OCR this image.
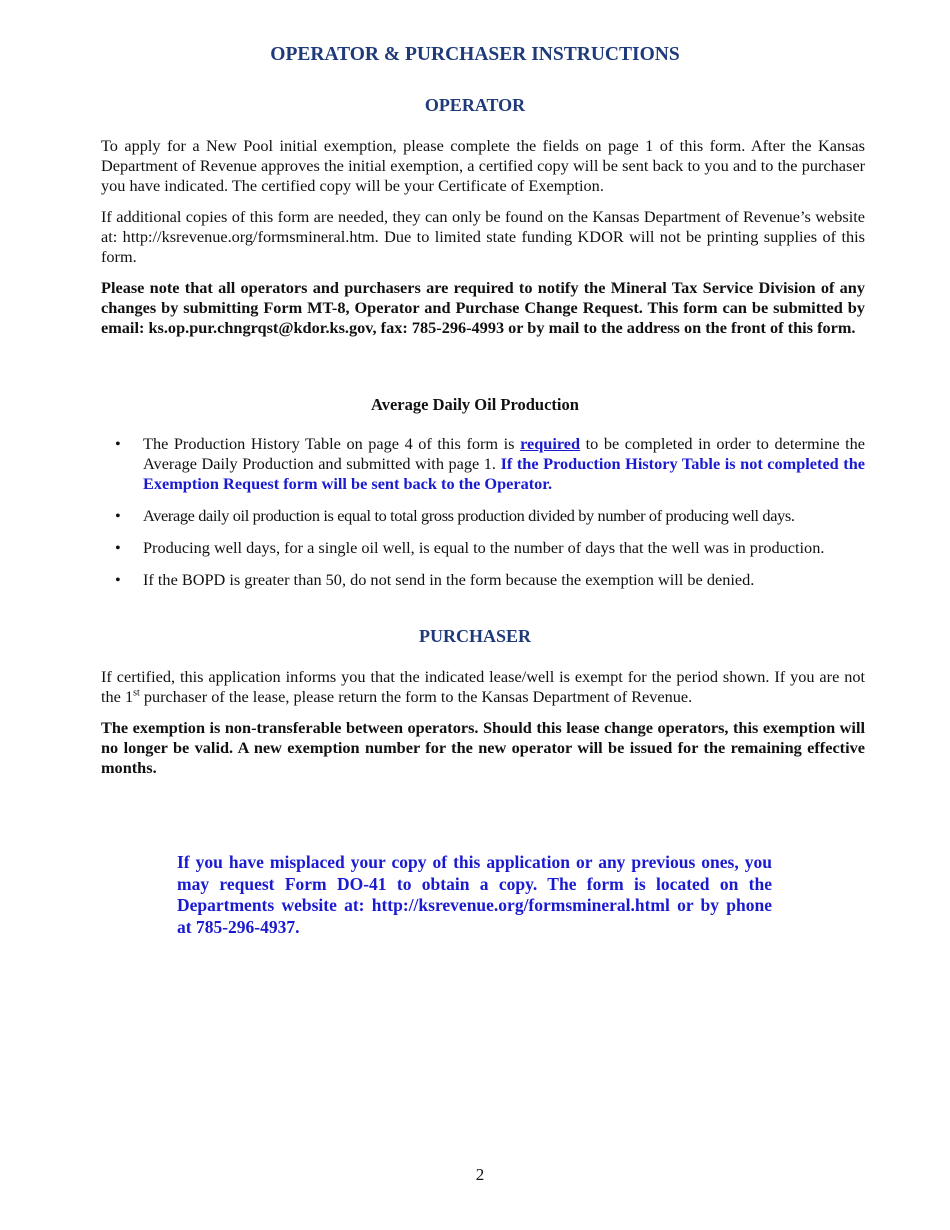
OPERATOR & PURCHASER INSTRUCTIONS
OPERATOR

To apply for a New Pool initial exemption, please complete the fields on page 1 of this form. After the Kansas Department of Revenue approves the initial exemption, a certified copy will be sent back to you and to the purchaser you have indicated. The certified copy will be your Certificate of Exemption.

If additional copies of this form are needed, they can only be found on the Kansas Department of Revenue’s website at: http://ksrevenue.org/formsmineral.htm. Due to limited state funding KDOR will not be printing supplies of this form.

Please note that all operators and purchasers are required to notify the Mineral Tax Service Division of any changes by submitting Form MT-8, Operator and Purchase Change Request. This form can be submitted by email: ks.op.pur.chngrqst@kdor.ks.gov, fax: 785-296-4993 or by mail to the address on the front of this form.

Average Daily Oil Production
• The Production History Table on page 4 of this form is required to be completed in order to determine the Average Daily Production and submitted with page 1. If the Production History Table is not completed the Exemption Request form will be sent back to the Operator.
• Average daily oil production is equal to total gross production divided by number of producing well days.
• Producing well days, for a single oil well, is equal to the number of days that the well was in production.
• If the BOPD is greater than 50, do not send in the form because the exemption will be denied.
PURCHASER

If certified, this application informs you that the indicated lease/well is exempt for the period shown. If you are not the 1st purchaser of the lease, please return the form to the Kansas Department of Revenue.

The exemption is non-transferable between operators. Should this lease change operators, this exemption will no longer be valid. A new exemption number for the new operator will be issued for the remaining effective months.

If you have misplaced your copy of this application or any previous ones, you may request Form DO-41 to obtain a copy. The form is located on the Departments website at: http://ksrevenue.org/formsmineral.html or by phone at 785-296-4937.

2
